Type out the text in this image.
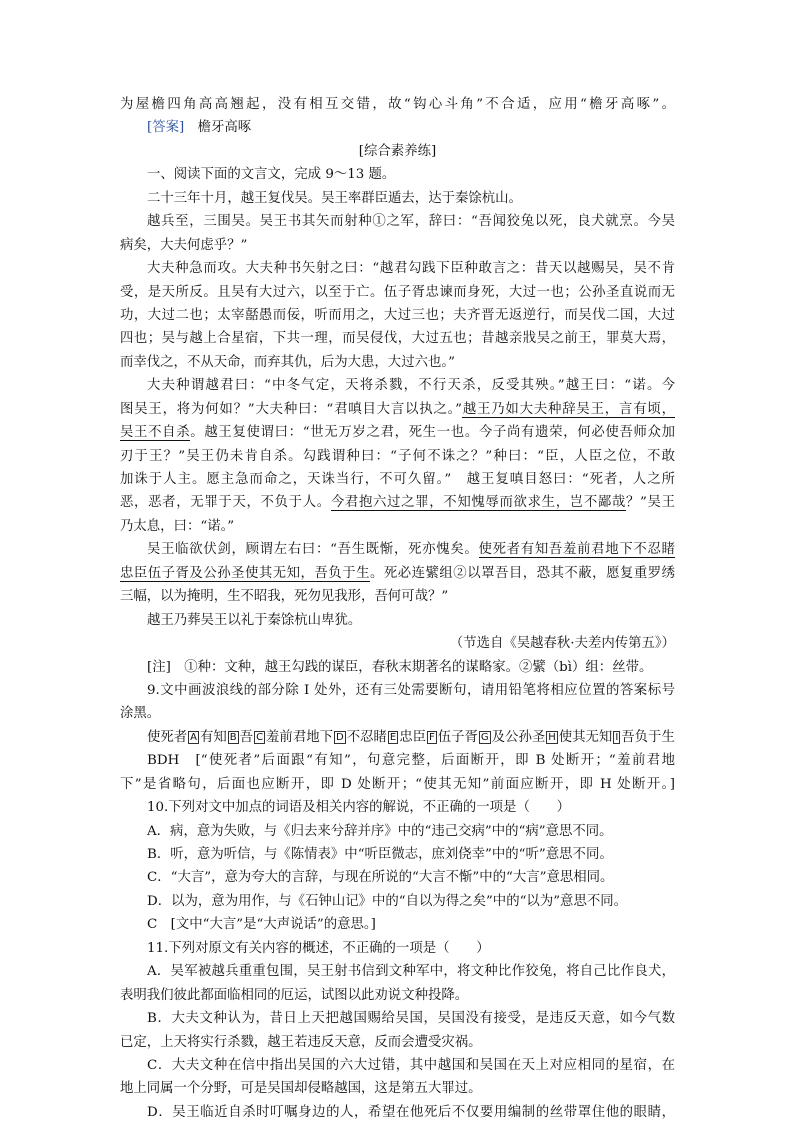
为屋檐四角高高翘起，没有相互交错，故“钩心斗角”不合适，应用“檐牙高啄”。
[答案]　檐牙高啄
[综合素养练]
一、阅读下面的文言文，完成 9～13 题。
二十三年十月，越王复伐吴。吴王率群臣遁去，达于秦馀杭山。
越兵至，三围吴。吴王书其矢而射种①之军，辞曰：“吾闻狡兔以死，良犬就烹。今吴
病矣，大夫何虑乎？”
大夫种急而攻。大夫种书矢射之曰：“越君勾践下臣种敢言之：昔天以越赐吴，吴不肯
受，是天所反。且吴有大过六，以至于亡。伍子胥忠谏而身死，大过一也；公孙圣直说而无
功，大过二也；太宰嚭愚而佞，听而用之，大过三也；夫齐晋无返逆行，而吴伐二国，大过
四也；吴与越上合星宿，下共一理，而吴侵伐，大过五也；昔越亲戕吴之前王，罪莫大焉，
而幸伐之，不从天命，而弃其仇，后为大患，大过六也。”
大夫种谓越君曰：“中冬气定，天将杀戮，不行天杀，反受其殃。”越王曰：“诺。今
图吴王，将为何如？”大夫种曰：“君嗔目大言以执之。”越王乃如大夫种辞吴王，言有顷，
吴王不自杀。越王复使谓曰：“世无万岁之君，死生一也。今子尚有遗荣，何必使吾师众加
刃于王？”吴王仍未肯自杀。勾践谓种曰：“子何不诛之？”种曰：“臣，人臣之位，不敢
加诛于人主。愿主急而命之，天诛当行，不可久留。”　越王复嗔目怒曰：“死者，人之所
恶，恶者，无罪于天，不负于人。今君抱六过之罪，不知愧辱而欲求生，岂不鄙哉？”吴王
乃太息，曰：“诺。”
吴王临欲伏剑，顾谓左右曰：“吾生既惭，死亦愧矣。使死者有知吾羞前君地下不忍睹
忠臣伍子胥及公孙圣使其无知，吾负于生。死必连繴组②以罩吾目，恐其不蔽，愿复重罗绣
三幅，以为掩明，生不昭我，死勿见我形，吾何可哉？”
越王乃葬吴王以礼于秦馀杭山卑犹。
（节选自《吴越春秋·夫差内传第五》）
[注]　①种：文种，越王勾践的谋臣，春秋末期著名的谋略家。②繴（bì）组：丝带。
9.文中画波浪线的部分除 I 处外，还有三处需要断句，请用铅笔将相应位置的答案标号
涂黑。
使死者 A 有知 B 吾 C 羞前君地下 D 不忍睹 E 忠臣 F 伍子胥 G 及公孙圣 H 使其无知 I 吾负于生
BDH　[“使死者”后面跟“有知”，句意完整，后面断开，即 B 处断开；“羞前君地
下”是省略句，后面也应断开，即 D 处断开；“使其无知”前面应断开，即 H 处断开。]
10.下列对文中加点的词语及相关内容的解说，不正确的一项是（　　）
A．病，意为失败，与《归去来兮辞并序》中的“违己交病”中的“病”意思不同。
B．听，意为听信，与《陈情表》中“听臣微志，庶刘侥幸”中的“听”意思不同。
C．“大言”，意为夸大的言辞，与现在所说的“大言不惭”中的“大言”意思相同。
D．以为，意为用作，与《石钟山记》中的“自以为得之矣”中的“以为”意思不同。
C　[文中“大言”是“大声说话”的意思。]
11.下列对原文有关内容的概述，不正确的一项是（　　）
A．吴军被越兵重重包围，吴王射书信到文种军中，将文种比作狡兔，将自己比作良犬，
表明我们彼此都面临相同的厄运，试图以此劝说文种投降。
B．大夫文种认为，昔日上天把越国赐给吴国，吴国没有接受，是违反天意，如今气数
已定，上天将实行杀戮，越王若违反天意，反而会遭受灾祸。
C．大夫文种在信中指出吴国的六大过错，其中越国和吴国在天上对应相同的星宿，在
地上同属一个分野，可是吴国却侵略越国，这是第五大罪过。
D．吴王临近自杀时叮嘱身边的人，希望在他死后不仅要用编制的丝带罩住他的眼睛，
